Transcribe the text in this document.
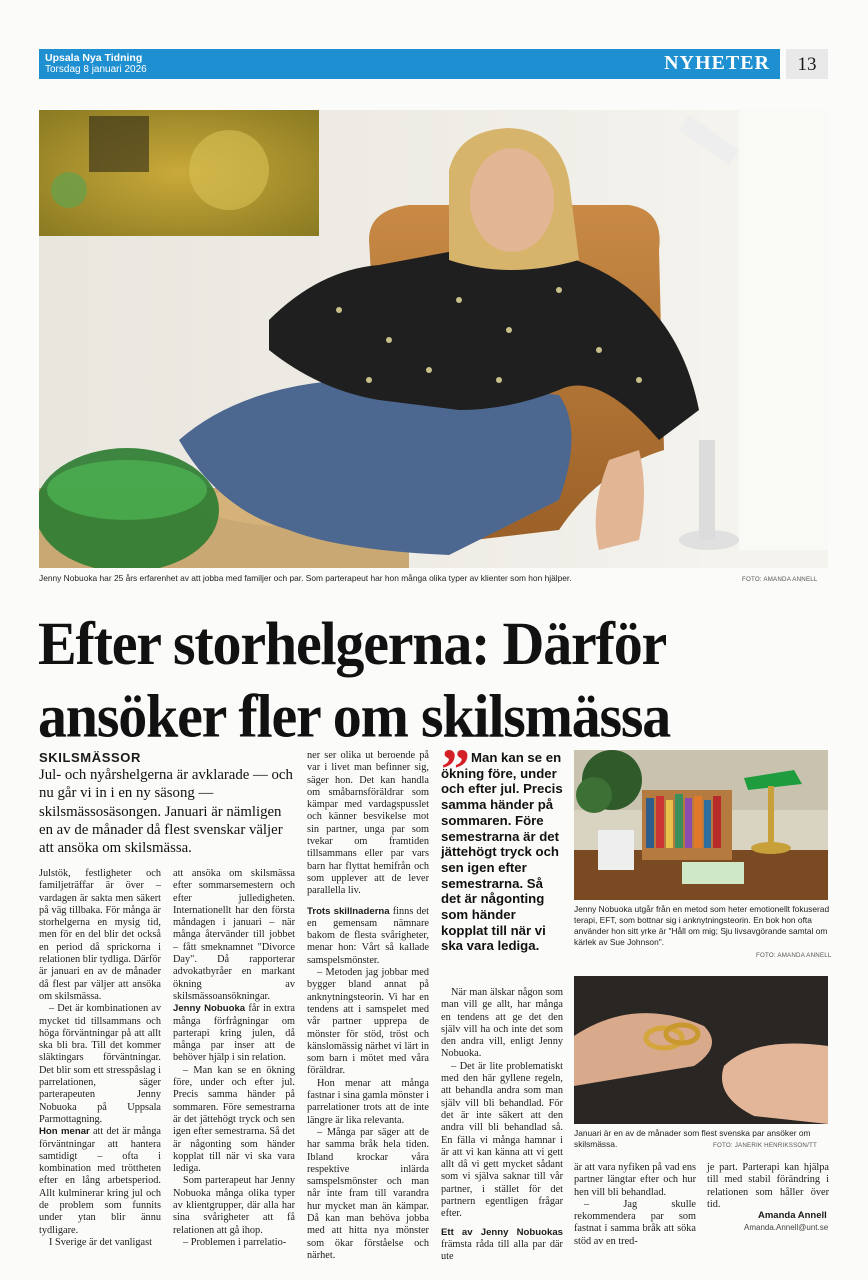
Upsala Nya Tidning
Torsdag 8 januari 2026	NYHETER	13
Jenny Nobuoka har 25 års erfarenhet av att jobba med familjer och par. Som parterapeut har hon många olika typer av klienter som hon hjälper.	FOTO: AMANDA ANNELL
Efter storhelgerna: Därför
ansöker fler om skilsmässa
SKILSMÄSSOR
Jul- och nyårshelgerna är avklarade — och nu går vi in i en ny säsong — skilsmässosäsongen. Januari är nämligen en av de månader då flest svenskar väljer att ansöka om skilsmässa.

Julstök, festligheter och familjeträffar är över – vardagen är sakta men säkert på väg tillbaka. För många är storhelgerna en mysig tid, men för en del blir det också en period då sprickorna i relationen blir tydliga. Därför är januari en av de månader då flest par väljer att ansöka om skilsmässa.

– Det är kombinationen av mycket tid tillsammans och höga förväntningar på att allt ska bli bra. Till det kommer släktingars förväntningar. Det blir som ett stresspåslag i parrelationen, säger parterapeuten Jenny Nobuoka på Uppsala Parmottagning.

Hon menar att det är många förväntningar att hantera samtidigt – ofta i kombination med tröttheten efter en lång arbetsperiod. Allt kulminerar kring jul och de problem som funnits under ytan blir ännu tydligare.

I Sverige är det vanligast

att ansöka om skilsmässa efter sommarsemestern och efter julledigheten. Internationellt har den första måndagen i januari – när många återvänder till jobbet – fått smeknamnet "Divorce Day". Då rapporterar advokatbyråer en markant ökning av skilsmässoansökningar.

Jenny Nobuoka får in extra många förfrågningar om parterapi kring julen, då många par inser att de behöver hjälp i sin relation.

– Man kan se en ökning före, under och efter jul. Precis samma händer på sommaren. Före semestrarna är det jättehögt tryck och sen igen efter semestrarna. Så det är någonting som händer kopplat till när vi ska vara lediga.

Som parterapeut har Jenny Nobuoka många olika typer av klientgrupper, där alla har sina svårigheter att få relationen att gå ihop.

– Problemen i parrelatio-

ner ser olika ut beroende på var i livet man befinner sig, säger hon. Det kan handla om småbarnsföräldrar som kämpar med vardagspusslet och känner besvikelse mot sin partner, unga par som tvekar om framtiden tillsammans eller par vars barn har flyttat hemifrån och som upplever att de lever parallella liv.

Trots skillnaderna finns det en gemensam nämnare bakom de flesta svårigheter, menar hon: Vårt så kallade samspelsmönster.

– Metoden jag jobbar med bygger bland annat på anknytningsteorin. Vi har en tendens att i samspelet med vår partner upprepa de mönster för stöd, tröst och känslomässig närhet vi lärt in som barn i mötet med våra föräldrar.

Hon menar att många fastnar i sina gamla mönster i parrelationer trots att de inte längre är lika relevanta.

– Många par säger att de har samma bråk hela tiden. Ibland krockar våra respektive inlärda samspelsmönster och man når inte fram till varandra hur mycket man än kämpar. Då kan man behöva jobba med att hitta nya mönster som ökar förståelse och närhet.

” Man kan se en ökning före, under och efter jul. Precis samma händer på sommaren. Före semestrarna är det jättehögt tryck och sen igen efter semestrarna. Så det är någonting som händer kopplat till när vi ska vara lediga.

När man älskar någon som man vill ge allt, har många en tendens att ge det den själv vill ha och inte det som den andra vill, enligt Jenny Nobuoka.

– Det är lite problematiskt med den här gyllene regeln, att behandla andra som man själv vill bli behandlad. För det är inte säkert att den andra vill bli behandlad så. En fälla vi många hamnar i är att vi kan känna att vi gett allt då vi gett mycket sådant som vi själva saknar till vår partner, i stället för det partnern egentligen frågar efter.

Ett av Jenny Nobuokas främsta råda till alla par där ute

Jenny Nobuoka utgår från en metod som heter emotionellt fokuserad terapi, EFT, som bottnar sig i anknytningsteorin. En bok hon ofta använder hon sitt yrke är "Håll om mig; Sju livsavgörande samtal om kärlek av Sue Johnson".
FOTO: AMANDA ANNELL
Januari är en av de månader som flest svenska par ansöker om skilsmässa.	FOTO: JANERIK HENRIKSSON/TT

är att vara nyfiken på vad ens partner längtar efter och hur hen vill bli behandlad.

– Jag skulle rekommendera par som fastnat i samma bråk att söka stöd av en tred-

je part. Parterapi kan hjälpa till med stabil förändring i relationen som håller över tid.

Amanda Annell
Amanda.Annell@unt.se
